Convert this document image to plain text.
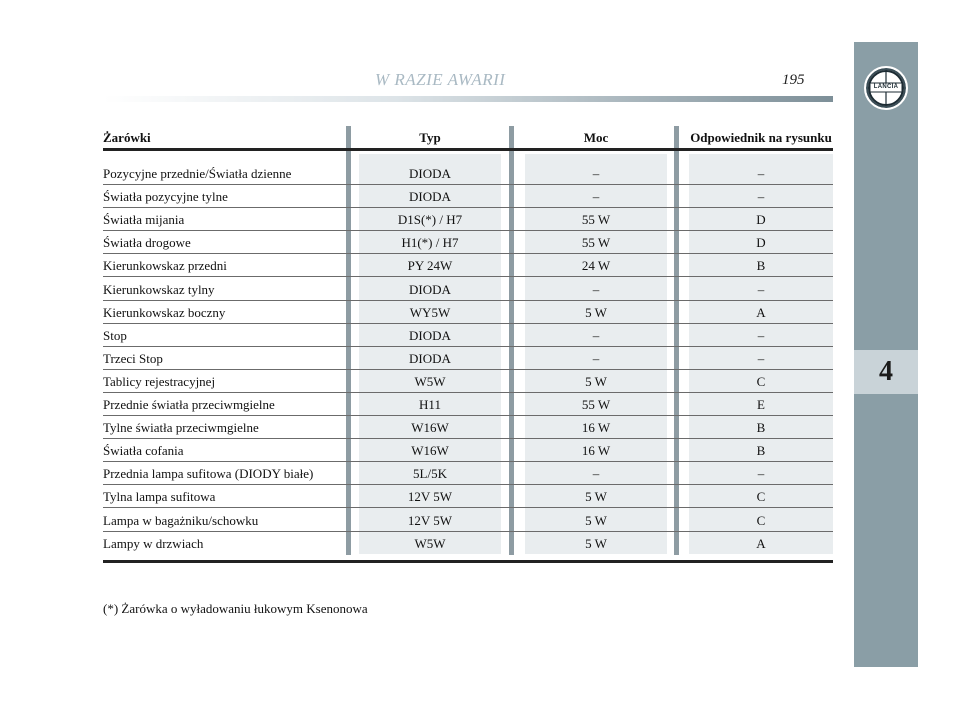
W RAZIE AWARII	195	LANCIA
4
Żarówki	Typ	Moc	Odpowiednik na rysunku
Pozycyjne przednie/Światła dzienne	DIODA	–	–
Światła pozycyjne tylne	DIODA	–	–
Światła mijania	D1S(*) / H7	55 W	D
Światła drogowe	H1(*) / H7	55 W	D
Kierunkowskaz przedni	PY 24W	24 W	B
Kierunkowskaz tylny	DIODA	–	–
Kierunkowskaz boczny	WY5W	5 W	A
Stop	DIODA	–	–
Trzeci Stop	DIODA	–	–
Tablicy rejestracyjnej	W5W	5 W	C
Przednie światła przeciwmgielne	H11	55 W	E
Tylne światła przeciwmgielne	W16W	16 W	B
Światła cofania	W16W	16 W	B
Przednia lampa sufitowa (DIODY białe)	5L/5K	–	–
Tylna lampa sufitowa	12V 5W	5 W	C
Lampa w bagażniku/schowku	12V 5W	5 W	C
Lampy w drzwiach	W5W	5 W	A
(*) Żarówka o wyładowaniu łukowym Ksenonowa
